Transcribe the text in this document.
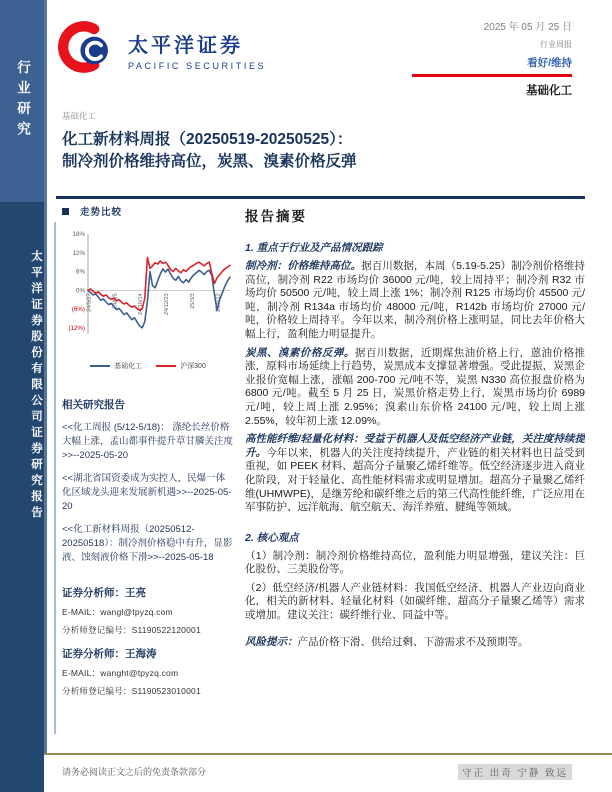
行业研究
太平洋证券股份有限公司证券研究报告
太平洋证券
PACIFIC SECURITIES
2025 年 05 月 25 日
行业周报
看好/维持
基础化工
基础化工
化工新材料周报（20250519-20250525）：
制冷剂价格维持高位，炭黑、溴素价格反弹
走势比较
18%
12%
6%
0%
(6%)
(12%)
24/5/27	24/8/5	24/10/14	24/12/23	25/3/3	25/5/12
基础化工	沪深300
相关研究报告
<<化工周报 (5/12-5/18)： 涤纶长丝价格大幅上涨，孟山都事件提升草甘膦关注度>>--2025-05-20
<<湖北省国资委成为实控人，民爆一体化区域龙头迎来发展新机遇>>--2025-05-20
<<化工新材料周报（20250512-20250518）：制冷剂价格稳中有升，显影液、蚀刻液价格下滑>>--2025-05-18
证券分析师：王亮
E-MAIL：wangl@tpyzq.com
分析师登记编号：S1190522120001
证券分析师：王海涛
E-MAIL：wanght@tpyzq.com
分析师登记编号：S1190523010001
报告摘要
1. 重点于行业及产品情况跟踪

制冷剂：价格维持高位。据百川数据，本周（5.19-5.25）制冷剂价格维持高位，制冷剂 R22 市场均价 36000 元/吨，较上周持平；制冷剂 R32 市场均价 50500 元/吨，较上周上涨 1%；制冷剂 R125 市场均价 45500 元/吨，制冷剂 R134a 市场均价 48000 元/吨，R142b 市场均价 27000 元/吨，价格较上周持平。今年以来，制冷剂价格上涨明显，同比去年价格大幅上行，盈利能力明显提升。

炭黑、溴素价格反弹。据百川数据，近期煤焦油价格上行，蒽油价格推涨，原料市场延续上行趋势，炭黑成本支撑显著增强。受此提振，炭黑企业报价宽幅上涨，涨幅 200-700 元/吨不等，炭黑 N330 高位报盘价格为 6800 元/吨。截至 5 月 25 日，炭黑价格走势上行，炭黑市场均价 6989 元/吨，较上周上涨 2.95%；溴素山东价格 24100 元/吨，较上周上涨 2.55%，较年初上涨 12.09%。

高性能纤维/轻量化材料：受益于机器人及低空经济产业链，关注度持续提升。今年以来，机器人的关注度持续提升，产业链的相关材料也日益受到重视，如 PEEK 材料、超高分子量聚乙烯纤维等。低空经济逐步进入商业化阶段，对于轻量化、高性能材料需求或明显增加。超高分子量聚乙烯纤维(UHMWPE)，是继芳纶和碳纤维之后的第三代高性能纤维，广泛应用在军事防护、远洋航海、航空航天、海洋养殖、腱绳等领域。

2. 核心观点

（1）制冷剂：制冷剂价格维持高位，盈利能力明显增强，建议关注：巨化股份、三美股份等。

（2）低空经济/机器人产业链材料：我国低空经济、机器人产业迈向商业化，相关的新材料、轻量化材料（如碳纤维、超高分子量聚乙烯等）需求或增加。建议关注：碳纤维行业、同益中等。

风险提示：产品价格下滑、供给过剩、下游需求不及预期等。

请务必阅读正文之后的免责条款部分	守正 出奇 宁静 致远
